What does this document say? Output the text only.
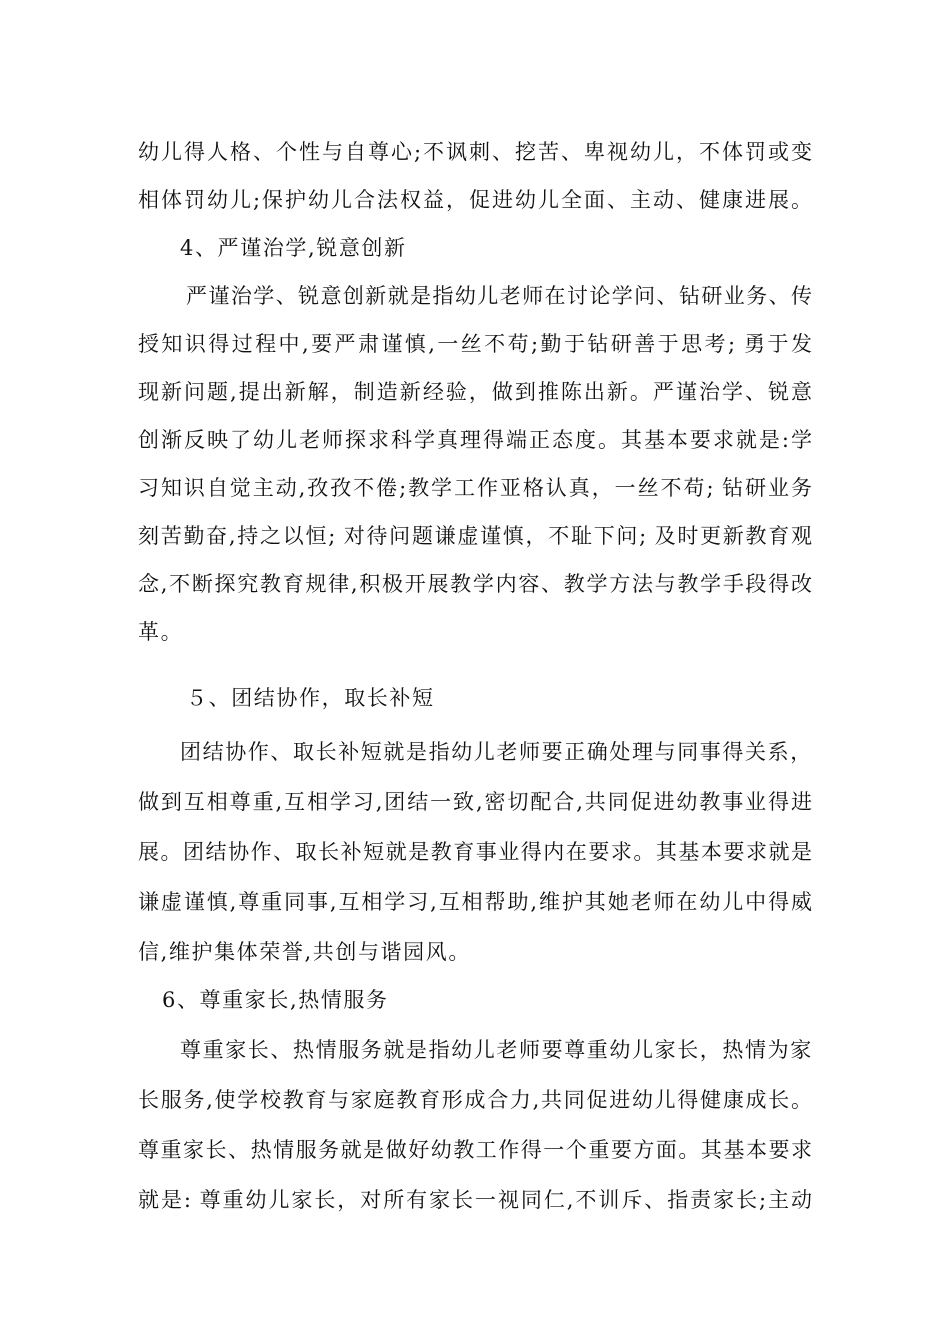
幼儿得人格、个性与自尊心;不讽刺、挖苦、卑视幼儿，不体罚或变
相体罚幼儿;保护幼儿合法权益，促进幼儿全面、主动、健康进展。
4、严谨治学,锐意创新
严谨治学、锐意创新就是指幼儿老师在讨论学问、钻研业务、传
授知识得过程中,要严肃谨慎,一丝不苟;勤于钻研善于思考; 勇于发
现新问题,提出新解，制造新经验，做到推陈出新。严谨治学、锐意
创渐反映了幼儿老师探求科学真理得端正态度。其基本要求就是:学
习知识自觉主动,孜孜不倦;教学工作亚格认真，一丝不苟; 钻研业务
刻苦勤奋,持之以恒; 对待问题谦虚谨慎，不耻下问; 及时更新教育观
念,不断探究教育规律,积极开展教学内容、教学方法与教学手段得改
革。
５、团结协作，取长补短
团结协作、取长补短就是指幼儿老师要正确处理与同事得关系，
做到互相尊重,互相学习,团结一致,密切配合,共同促进幼教事业得进
展。团结协作、取长补短就是教育事业得内在要求。其基本要求就是
谦虚谨慎,尊重同事,互相学习,互相帮助,维护其她老师在幼儿中得威
信,维护集体荣誉,共创与谐园风。
6、尊重家长,热情服务
尊重家长、热情服务就是指幼儿老师要尊重幼儿家长，热情为家
长服务,使学校教育与家庭教育形成合力,共同促进幼儿得健康成长。
尊重家长、热情服务就是做好幼教工作得一个重要方面。其基本要求
就是: 尊重幼儿家长，对所有家长一视同仁,不训斥、指责家长;主动
